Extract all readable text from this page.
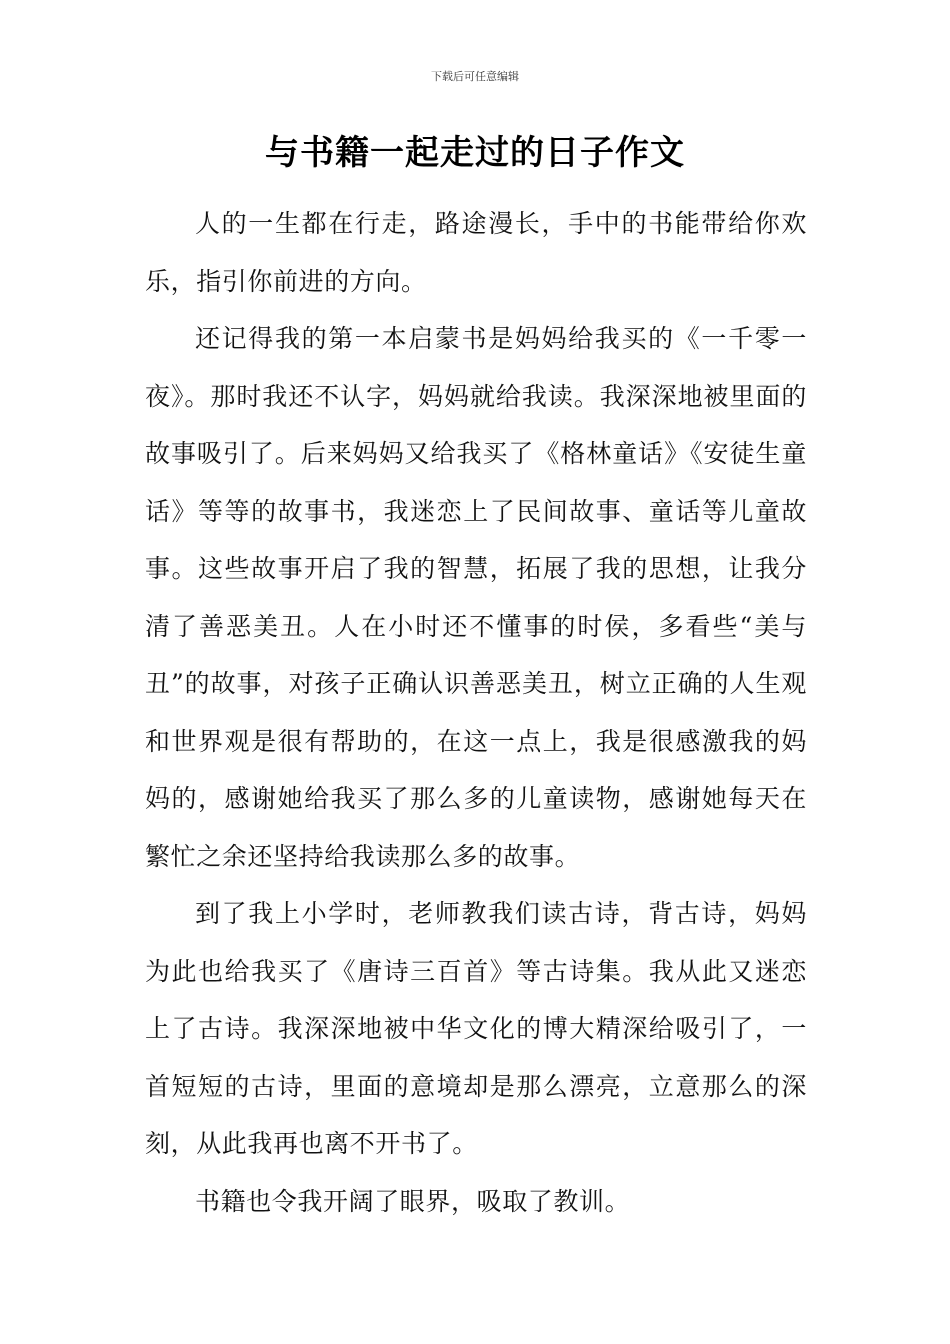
下载后可任意编辑
与书籍一起走过的日子作文

人的一生都在行走，路途漫长，手中的书能带给你欢乐，指引你前进的方向。

还记得我的第一本启蒙书是妈妈给我买的《一千零一夜》。那时我还不认字，妈妈就给我读。我深深地被里面的故事吸引了。后来妈妈又给我买了《格林童话》《安徒生童话》等等的故事书，我迷恋上了民间故事、童话等儿童故事。这些故事开启了我的智慧，拓展了我的思想，让我分清了善恶美丑。人在小时还不懂事的时侯，多看些“美与丑”的故事，对孩子正确认识善恶美丑，树立正确的人生观和世界观是很有帮助的，在这一点上，我是很感激我的妈妈的，感谢她给我买了那么多的儿童读物，感谢她每天在繁忙之余还坚持给我读那么多的故事。

到了我上小学时，老师教我们读古诗，背古诗，妈妈为此也给我买了《唐诗三百首》等古诗集。我从此又迷恋上了古诗。我深深地被中华文化的博大精深给吸引了，一首短短的古诗，里面的意境却是那么漂亮，立意那么的深刻，从此我再也离不开书了。

书籍也令我开阔了眼界，吸取了教训。
